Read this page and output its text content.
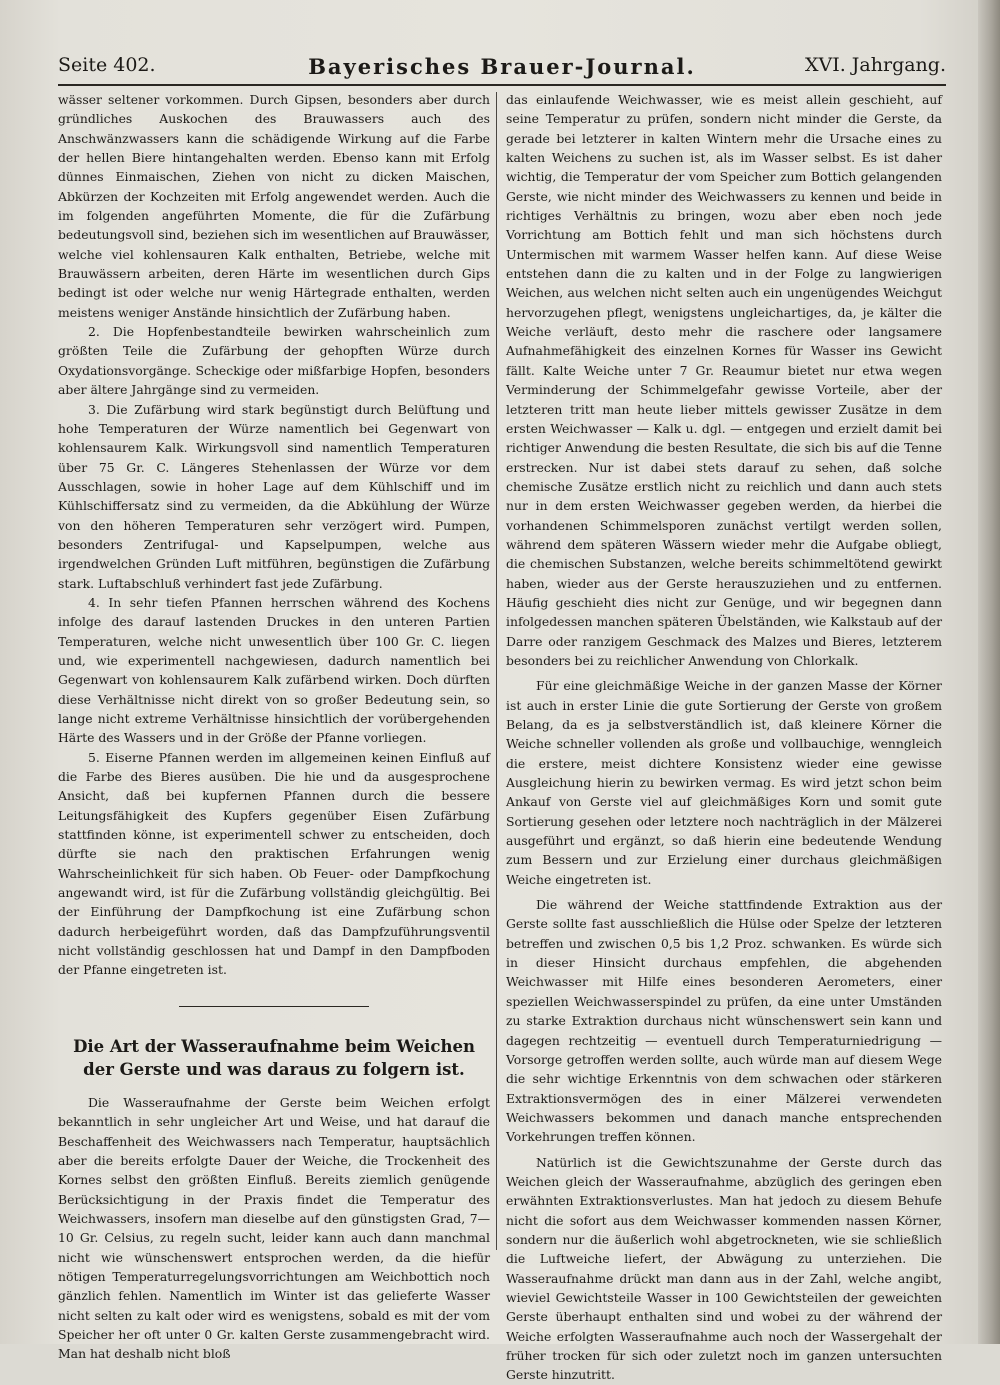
Bayerisches Brauer-Journal.
Seite 402.	XVI. Jahrgang.

wässer seltener vorkommen. Durch Gipsen, besonders aber durch gründliches Auskochen des Brauwassers auch des Anschwänzwassers kann die schädigende Wirkung auf die Farbe der hellen Biere hintangehalten werden. Ebenso kann mit Erfolg dünnes Einmaischen, Ziehen von nicht zu dicken Maischen, Abkürzen der Kochzeiten mit Erfolg angewendet werden. Auch die im folgenden angeführten Momente, die für die Zufärbung bedeutungsvoll sind, beziehen sich im wesentlichen auf Brauwässer, welche viel kohlensauren Kalk enthalten, Betriebe, welche mit Brauwässern arbeiten, deren Härte im wesentlichen durch Gips bedingt ist oder welche nur wenig Härtegrade enthalten, werden meistens weniger Anstände hinsichtlich der Zufärbung haben.

2. Die Hopfenbestandteile bewirken wahrscheinlich zum größten Teile die Zufärbung der gehopften Würze durch Oxydationsvorgänge. Scheckige oder mißfarbige Hopfen, besonders aber ältere Jahrgänge sind zu vermeiden.

3. Die Zufärbung wird stark begünstigt durch Belüftung und hohe Temperaturen der Würze namentlich bei Gegenwart von kohlensaurem Kalk. Wirkungsvoll sind namentlich Temperaturen über 75 Gr. C. Längeres Stehenlassen der Würze vor dem Ausschlagen, sowie in hoher Lage auf dem Kühlschiff und im Kühlschiffersatz sind zu vermeiden, da die Abkühlung der Würze von den höheren Temperaturen sehr verzögert wird. Pumpen, besonders Zentrifugal- und Kapselpumpen, welche aus irgendwelchen Gründen Luft mitführen, begünstigen die Zufärbung stark. Luftabschluß verhindert fast jede Zufärbung.

4. In sehr tiefen Pfannen herrschen während des Kochens infolge des darauf lastenden Druckes in den unteren Partien Temperaturen, welche nicht unwesentlich über 100 Gr. C. liegen und, wie experimentell nachgewiesen, dadurch namentlich bei Gegenwart von kohlensaurem Kalk zufärbend wirken. Doch dürften diese Verhältnisse nicht direkt von so großer Bedeutung sein, so lange nicht extreme Verhältnisse hinsichtlich der vorübergehenden Härte des Wassers und in der Größe der Pfanne vorliegen.

5. Eiserne Pfannen werden im allgemeinen keinen Einfluß auf die Farbe des Bieres ausüben. Die hie und da ausgesprochene Ansicht, daß bei kupfernen Pfannen durch die bessere Leitungsfähigkeit des Kupfers gegenüber Eisen Zufärbung stattfinden könne, ist experimentell schwer zu entscheiden, doch dürfte sie nach den praktischen Erfahrungen wenig Wahrscheinlichkeit für sich haben. Ob Feuer- oder Dampfkochung angewandt wird, ist für die Zufärbung vollständig gleichgültig. Bei der Einführung der Dampfkochung ist eine Zufärbung schon dadurch herbeigeführt worden, daß das Dampfzuführungsventil nicht vollständig geschlossen hat und Dampf in den Dampfboden der Pfanne eingetreten ist.

Die Art der Wasseraufnahme beim Weichen der Gerste und was daraus zu folgern ist.

Die Wasseraufnahme der Gerste beim Weichen erfolgt bekanntlich in sehr ungleicher Art und Weise, und hat darauf die Beschaffenheit des Weichwassers nach Temperatur, hauptsächlich aber die bereits erfolgte Dauer der Weiche, die Trockenheit des Kornes selbst den größten Einfluß. Bereits ziemlich genügende Berücksichtigung in der Praxis findet die Temperatur des Weichwassers, insofern man dieselbe auf den günstigsten Grad, 7—10 Gr. Celsius, zu regeln sucht, leider kann auch dann manchmal nicht wie wünschenswert entsprochen werden, da die hiefür nötigen Temperaturregelungsvorrichtungen am Weichbottich noch gänzlich fehlen. Namentlich im Winter ist das gelieferte Wasser nicht selten zu kalt oder wird es wenigstens, sobald es mit der vom Speicher her oft unter 0 Gr. kalten Gerste zusammengebracht wird. Man hat deshalb nicht bloß

das einlaufende Weichwasser, wie es meist allein geschieht, auf seine Temperatur zu prüfen, sondern nicht minder die Gerste, da gerade bei letzterer in kalten Wintern mehr die Ursache eines zu kalten Weichens zu suchen ist, als im Wasser selbst. Es ist daher wichtig, die Temperatur der vom Speicher zum Bottich gelangenden Gerste, wie nicht minder des Weichwassers zu kennen und beide in richtiges Verhältnis zu bringen, wozu aber eben noch jede Vorrichtung am Bottich fehlt und man sich höchstens durch Untermischen mit warmem Wasser helfen kann. Auf diese Weise entstehen dann die zu kalten und in der Folge zu langwierigen Weichen, aus welchen nicht selten auch ein ungenügendes Weichgut hervorzugehen pflegt, wenigstens ungleichartiges, da, je kälter die Weiche verläuft, desto mehr die raschere oder langsamere Aufnahmefähigkeit des einzelnen Kornes für Wasser ins Gewicht fällt. Kalte Weiche unter 7 Gr. Reaumur bietet nur etwa wegen Verminderung der Schimmelgefahr gewisse Vorteile, aber der letzteren tritt man heute lieber mittels gewisser Zusätze in dem ersten Weichwasser — Kalk u. dgl. — entgegen und erzielt damit bei richtiger Anwendung die besten Resultate, die sich bis auf die Tenne erstrecken. Nur ist dabei stets darauf zu sehen, daß solche chemische Zusätze erstlich nicht zu reichlich und dann auch stets nur in dem ersten Weichwasser gegeben werden, da hierbei die vorhandenen Schimmelsporen zunächst vertilgt werden sollen, während dem späteren Wässern wieder mehr die Aufgabe obliegt, die chemischen Substanzen, welche bereits schimmeltötend gewirkt haben, wieder aus der Gerste herauszuziehen und zu entfernen. Häufig geschieht dies nicht zur Genüge, und wir begegnen dann infolgedessen manchen späteren Übelständen, wie Kalkstaub auf der Darre oder ranzigem Geschmack des Malzes und Bieres, letzterem besonders bei zu reichlicher Anwendung von Chlorkalk.

Für eine gleichmäßige Weiche in der ganzen Masse der Körner ist auch in erster Linie die gute Sortierung der Gerste von großem Belang, da es ja selbstverständlich ist, daß kleinere Körner die Weiche schneller vollenden als große und vollbauchige, wenngleich die erstere, meist dichtere Konsistenz wieder eine gewisse Ausgleichung hierin zu bewirken vermag. Es wird jetzt schon beim Ankauf von Gerste viel auf gleichmäßiges Korn und somit gute Sortierung gesehen oder letztere noch nachträglich in der Mälzerei ausgeführt und ergänzt, so daß hierin eine bedeutende Wendung zum Bessern und zur Erzielung einer durchaus gleichmäßigen Weiche eingetreten ist.

Die während der Weiche stattfindende Extraktion aus der Gerste sollte fast ausschließlich die Hülse oder Spelze der letzteren betreffen und zwischen 0,5 bis 1,2 Proz. schwanken. Es würde sich in dieser Hinsicht durchaus empfehlen, die abgehenden Weichwasser mit Hilfe eines besonderen Aerometers, einer speziellen Weichwasserspindel zu prüfen, da eine unter Umständen zu starke Extraktion durchaus nicht wünschenswert sein kann und dagegen rechtzeitig — eventuell durch Temperaturniedrigung — Vorsorge getroffen werden sollte, auch würde man auf diesem Wege die sehr wichtige Erkenntnis von dem schwachen oder stärkeren Extraktionsvermögen des in einer Mälzerei verwendeten Weichwassers bekommen und danach manche entsprechenden Vorkehrungen treffen können.

Natürlich ist die Gewichtszunahme der Gerste durch das Weichen gleich der Wasseraufnahme, abzüglich des geringen eben erwähnten Extraktionsverlustes. Man hat jedoch zu diesem Behufe nicht die sofort aus dem Weichwasser kommenden nassen Körner, sondern nur die äußerlich wohl abgetrockneten, wie sie schließlich die Luftweiche liefert, der Abwägung zu unterziehen. Die Wasseraufnahme drückt man dann aus in der Zahl, welche angibt, wieviel Gewichtsteile Wasser in 100 Gewichtsteilen der geweichten Gerste überhaupt enthalten sind und wobei zu der während der Weiche erfolgten Wasseraufnahme auch noch der Wassergehalt der früher trocken für sich oder zuletzt noch im ganzen untersuchten Gerste hinzutritt.
